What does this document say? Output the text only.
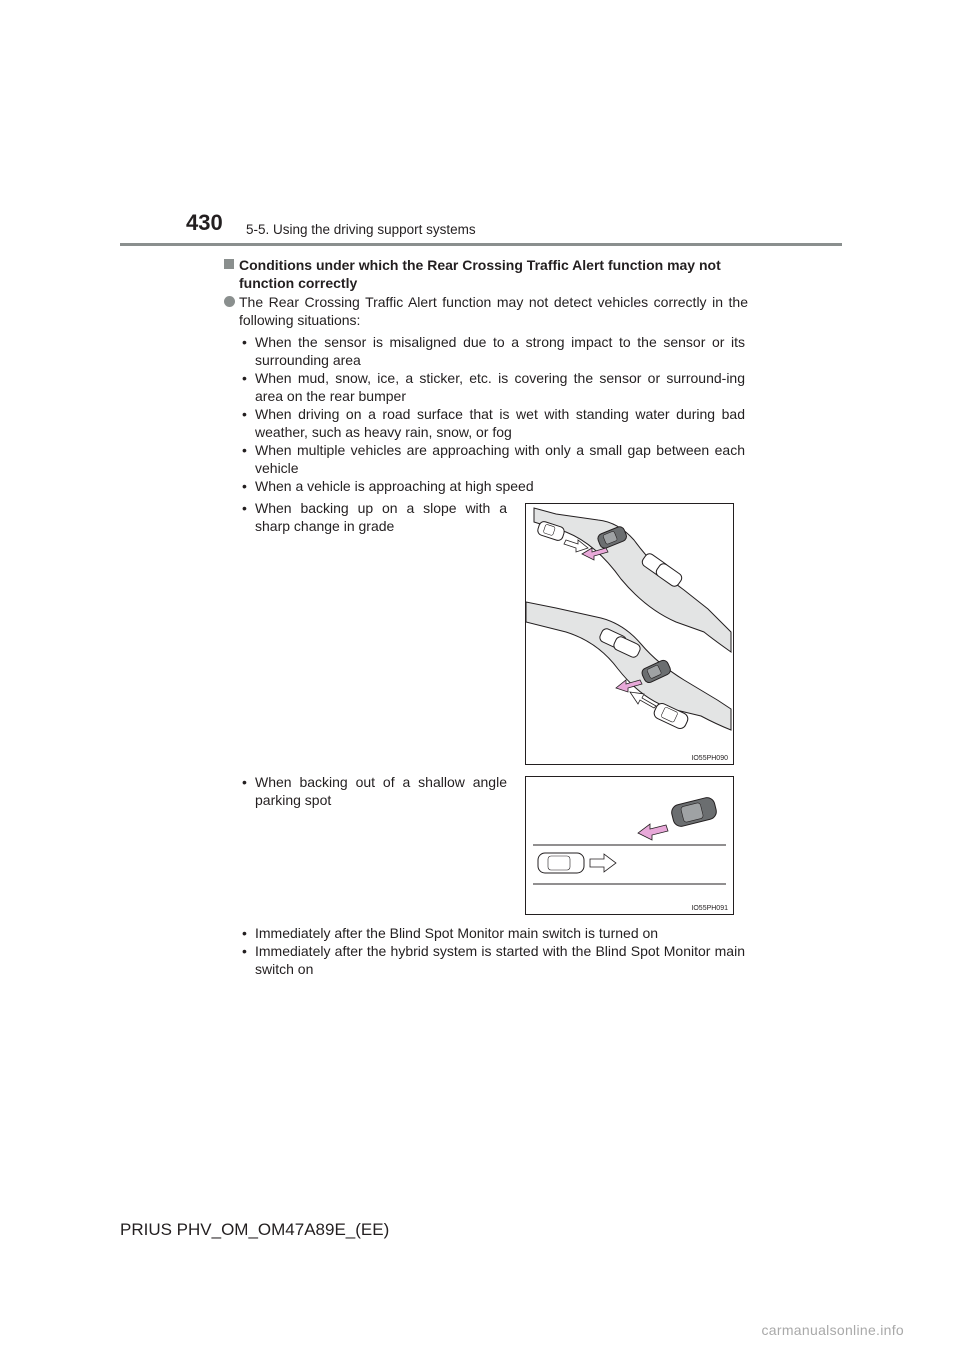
430 5-5. Using the driving support systems
Conditions under which the Rear Crossing Traffic Alert function may not function correctly
The Rear Crossing Traffic Alert function may not detect vehicles correctly in the following situations:
• When the sensor is misaligned due to a strong impact to the sensor or its surrounding area
• When mud, snow, ice, a sticker, etc. is covering the sensor or surround-ing area on the rear bumper
• When driving on a road surface that is wet with standing water during bad weather, such as heavy rain, snow, or fog
• When multiple vehicles are approaching with only a small gap between each vehicle
• When a vehicle is approaching at high speed
• When backing up on a slope with a sharp change in grade
IO55PH090
• When backing out of a shallow angle parking spot
IO55PH091
• Immediately after the Blind Spot Monitor main switch is turned on
• Immediately after the hybrid system is started with the Blind Spot Monitor main switch on
PRIUS PHV_OM_OM47A89E_(EE)
carmanualsonline.info
